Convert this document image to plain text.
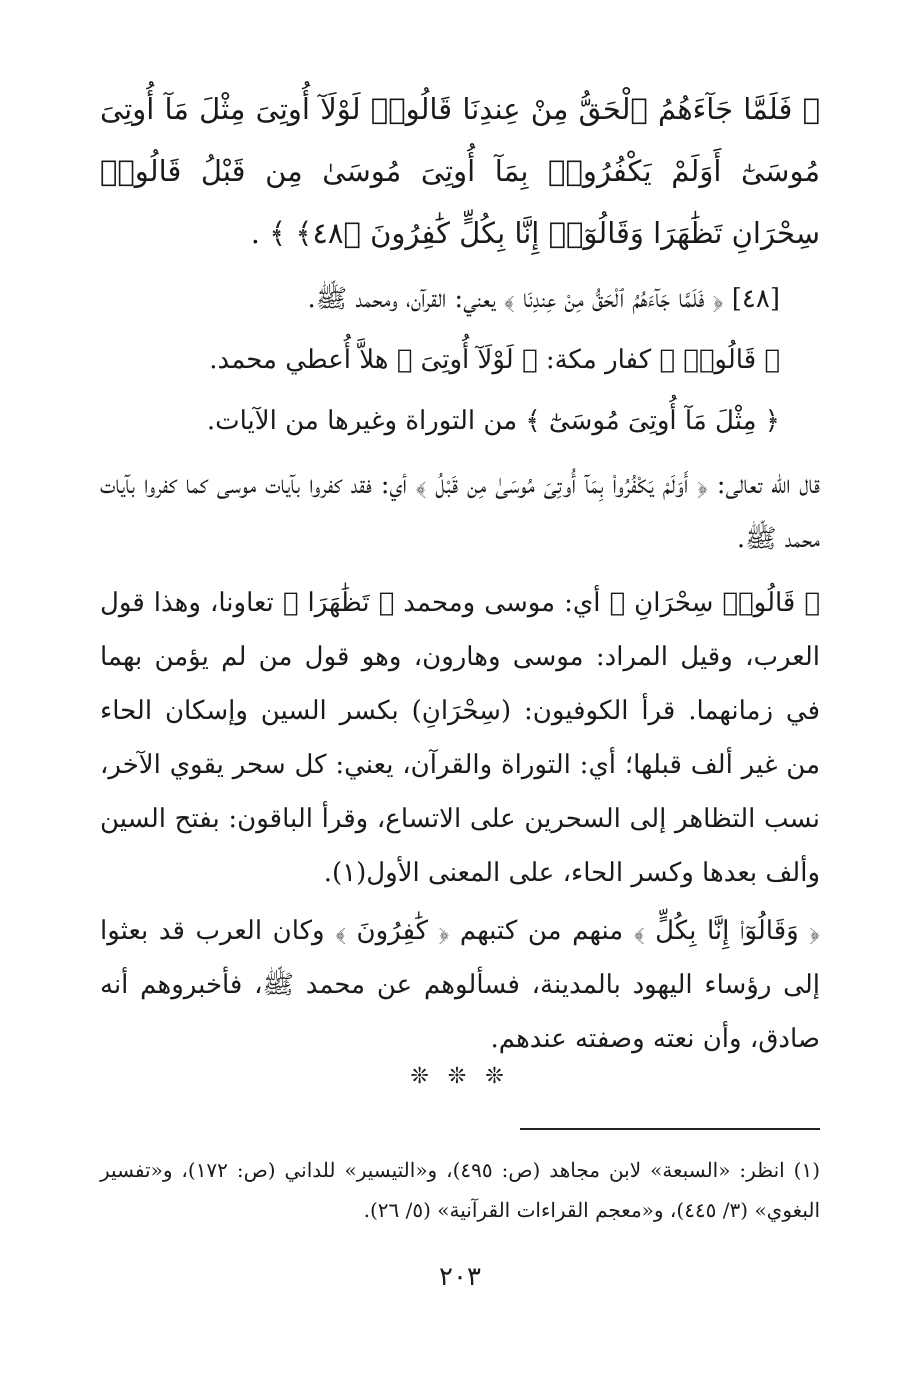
﴿ فَلَمَّا جَآءَهُمُ ٱلْحَقُّ مِنْ عِندِنَا قَالُوا۟ لَوْلَآ أُوتِىَ مِثْلَ مَآ أُوتِىَ مُوسَىٰٓ أَوَلَمْ يَكْفُرُوا۟ بِمَآ أُوتِىَ مُوسَىٰ مِن قَبْلُ قَالُوا۟ سِحْرَانِ تَظَٰهَرَا وَقَالُوٓا۟ إِنَّا بِكُلٍّ كَٰفِرُونَ ﴿٤٨﴾ ﴾ .
[٤٨] ﴿ فَلَمَّا جَآءَهُمُ ٱلْحَقُّ مِنْ عِندِنَا ﴾ يعني: القرآن، ومحمد ﷺ.
﴿ قَالُوا۟ ﴾ كفار مكة: ﴿ لَوْلَآ أُوتِىَ ﴾ هلاَّ أُعطي محمد.
﴿ مِثْلَ مَآ أُوتِىَ مُوسَىٰٓ ﴾ من التوراة وغيرها من الآيات.
قال الله تعالى: ﴿ أَوَلَمْ يَكْفُرُوا۟ بِمَآ أُوتِىَ مُوسَىٰ مِن قَبْلُ ﴾ أي: فقد كفروا بآيات موسى كما كفروا بآيات محمد ﷺ.
﴿ قَالُوا۟ سِحْرَانِ ﴾ أي: موسى ومحمد ﴿ تَظَٰهَرَا ﴾ تعاونا، وهذا قول العرب، وقيل المراد: موسى وهارون، وهو قول من لم يؤمن بهما في زمانهما. قرأ الكوفيون: (سِحْرَانِ) بكسر السين وإسكان الحاء من غير ألف قبلها؛ أي: التوراة والقرآن، يعني: كل سحر يقوي الآخر، نسب التظاهر إلى السحرين على الاتساع، وقرأ الباقون: بفتح السين وألف بعدها وكسر الحاء، على المعنى الأول(١).
﴿ وَقَالُوٓا۟ إِنَّا بِكُلٍّ ﴾ منهم من كتبهم ﴿ كَٰفِرُونَ ﴾ وكان العرب قد بعثوا إلى رؤساء اليهود بالمدينة، فسألوهم عن محمد ﷺ، فأخبروهم أنه صادق، وأن نعته وصفته عندهم.
❊ ❊ ❊
(١) انظر: «السبعة» لابن مجاهد (ص: ٤٩٥)، و«التيسير» للداني (ص: ١٧٢)، و«تفسير البغوي» (٣/ ٤٤٥)، و«معجم القراءات القرآنية» (٥/ ٢٦).
٢٠٣
